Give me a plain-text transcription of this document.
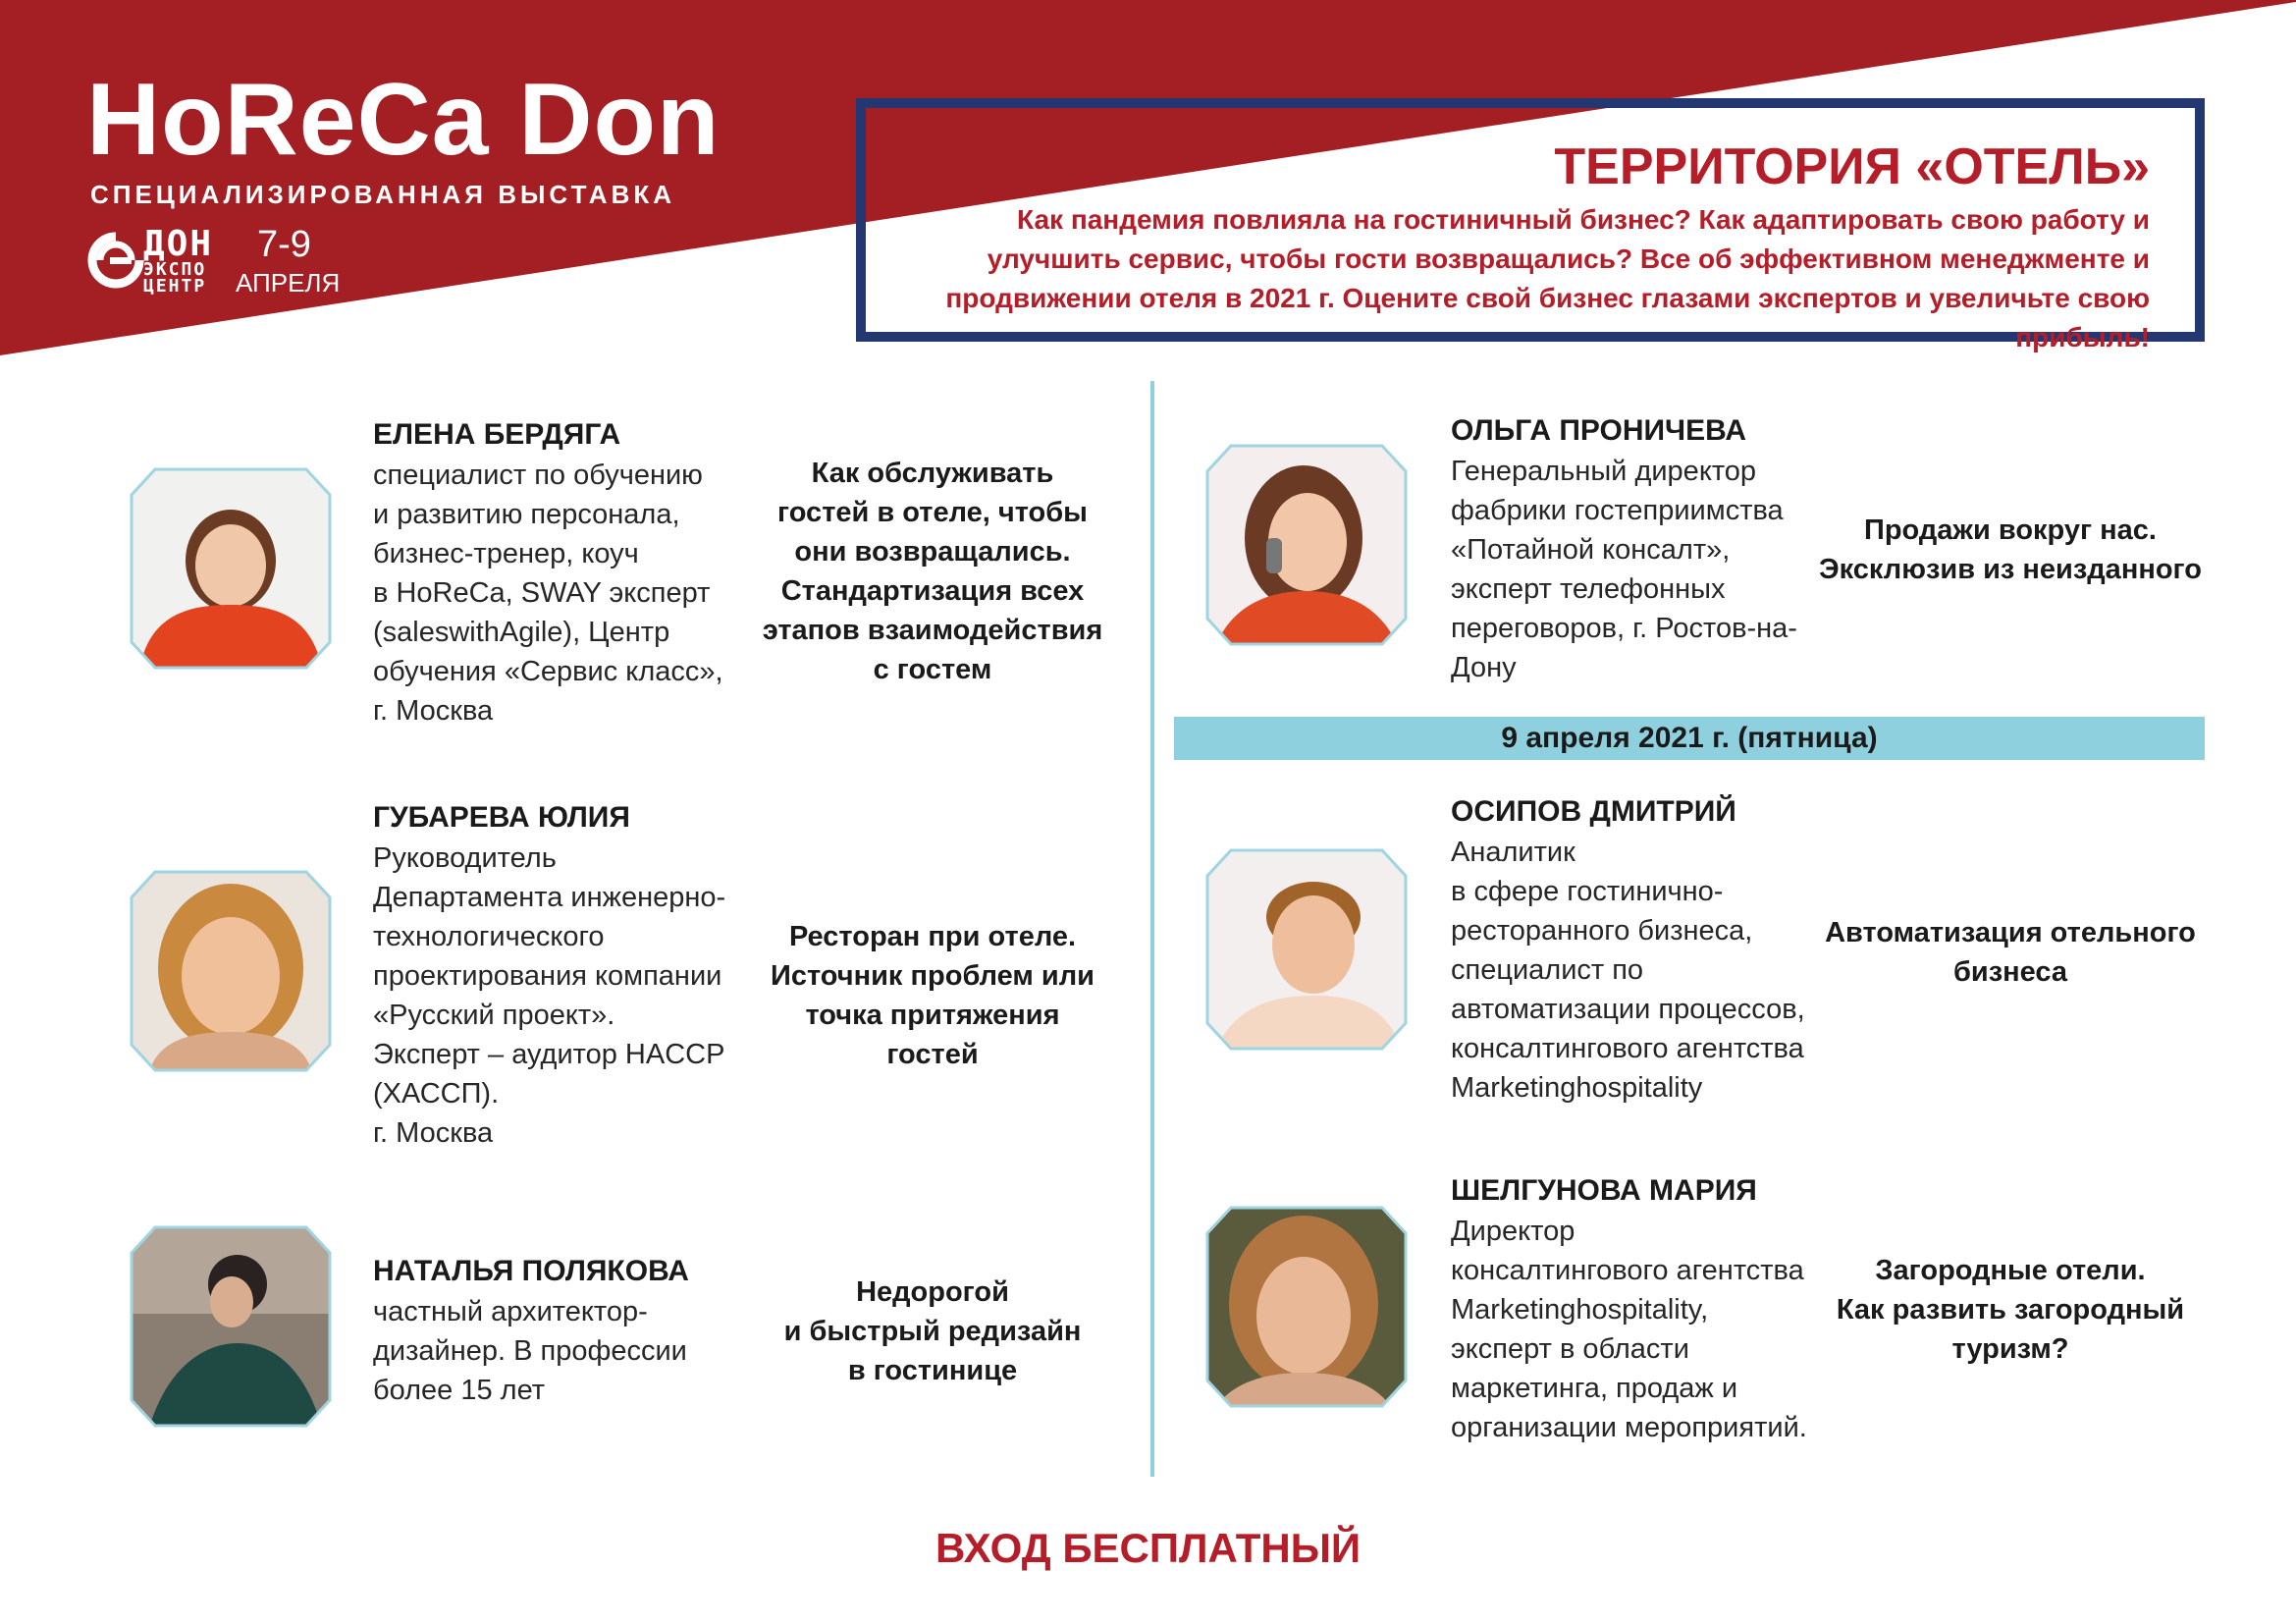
HoReCa Don
СПЕЦИАЛИЗИРОВАННАЯ ВЫСТАВКА
ДОН
ЭКСПО
ЦЕНТР
7-9
АПРЕЛЯ
ТЕРРИТОРИЯ «ОТЕЛЬ»
Как пандемия повлияла на гостиничный бизнес? Как адаптировать свою работу и улучшить сервис, чтобы гости возвращались? Все об эффективном менеджменте и продвижении отеля в 2021 г. Оцените свой бизнес глазами экспертов и увеличьте свою прибыль!
ЕЛЕНА БЕРДЯГА
специалист по обучению
и развитию персонала,
бизнес-тренер, коуч
в HoReCa, SWAY эксперт
(saleswithAgile), Центр
обучения «Сервис класс»,
г. Москва
Как обслуживать
гостей в отеле, чтобы
они возвращались.
Стандартизация всех
этапов взаимодействия
с гостем
ГУБАРЕВА ЮЛИЯ
Руководитель
Департамента инженерно-
технологического
проектирования компании
«Русский проект».
Эксперт – аудитор HACCP
(ХАССП).
г. Москва
Ресторан при отеле.
Источник проблем или
точка притяжения гостей
НАТАЛЬЯ ПОЛЯКОВА
частный архитектор-
дизайнер. В профессии
более 15 лет
Недорогой
и быстрый редизайн
в гостинице
ОЛЬГА ПРОНИЧЕВА
Генеральный директор
фабрики гостеприимства
«Потайной консалт»,
эксперт телефонных
переговоров, г. Ростов-на-
Дону
Продажи вокруг нас.
Эксклюзив из неизданного
9 апреля 2021 г. (пятница)
ОСИПОВ ДМИТРИЙ
Аналитик
в сфере гостинично-
ресторанного бизнеса,
специалист по
автоматизации процессов,
консалтингового агентства
Marketinghospitality
Автоматизация отельного
бизнеса
ШЕЛГУНОВА МАРИЯ
Директор
консалтингового агентства
Marketinghospitality,
эксперт в области
маркетинга, продаж и
организации мероприятий.
Загородные отели.
Как развить загородный
туризм?
ВХОД БЕСПЛАТНЫЙ
